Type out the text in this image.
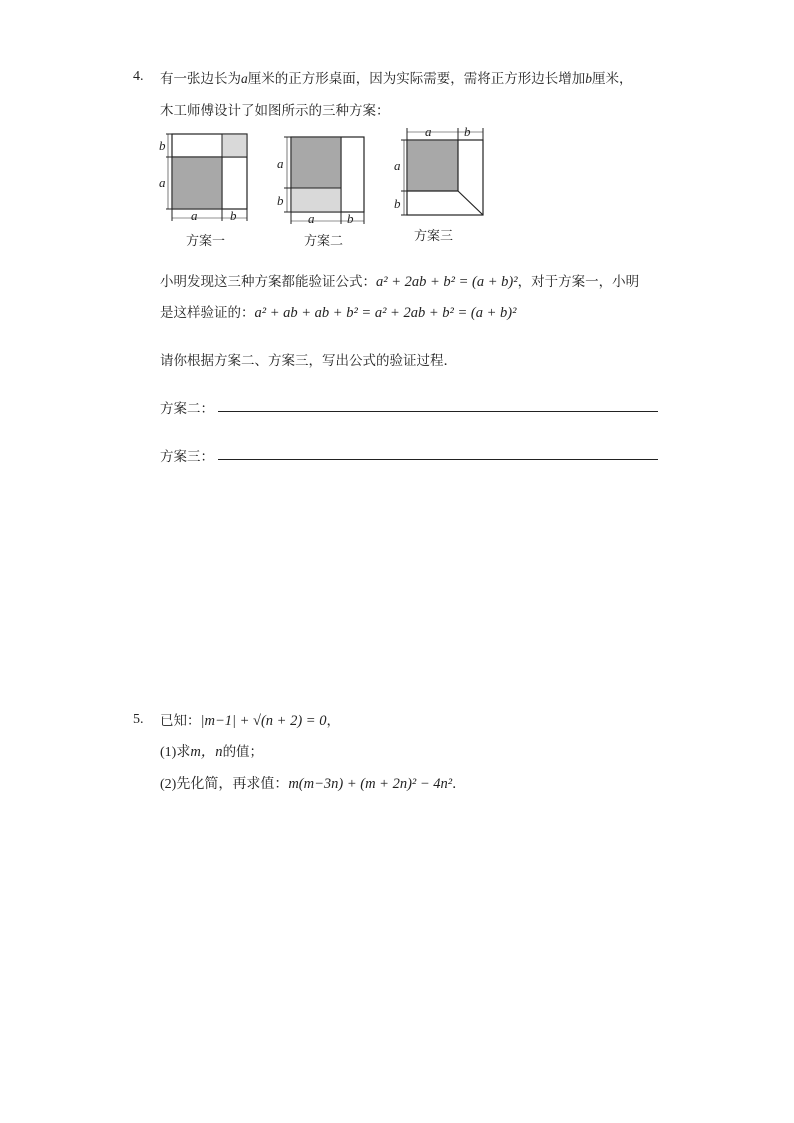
4. 有一张边长为a厘米的正方形桌面，因为实际需要，需将正方形边长增加b厘米，
木工师傅设计了如图所示的三种方案：
b
a
a	b
方案一
a
b
a	b
方案二
a	b
a
b
方案三
小明发现这三种方案都能验证公式：a² + 2ab + b² = (a + b)²，对于方案一，小明
是这样验证的：a² + ab + ab + b² = a² + 2ab + b² = (a + b)²
请你根据方案二、方案三，写出公式的验证过程．
方案二：
方案三：
5. 已知：|m−1| + √(n + 2) = 0，
(1)求m，n的值；
(2)先化简，再求值：m(m−3n) + (m + 2n)² − 4n²．
